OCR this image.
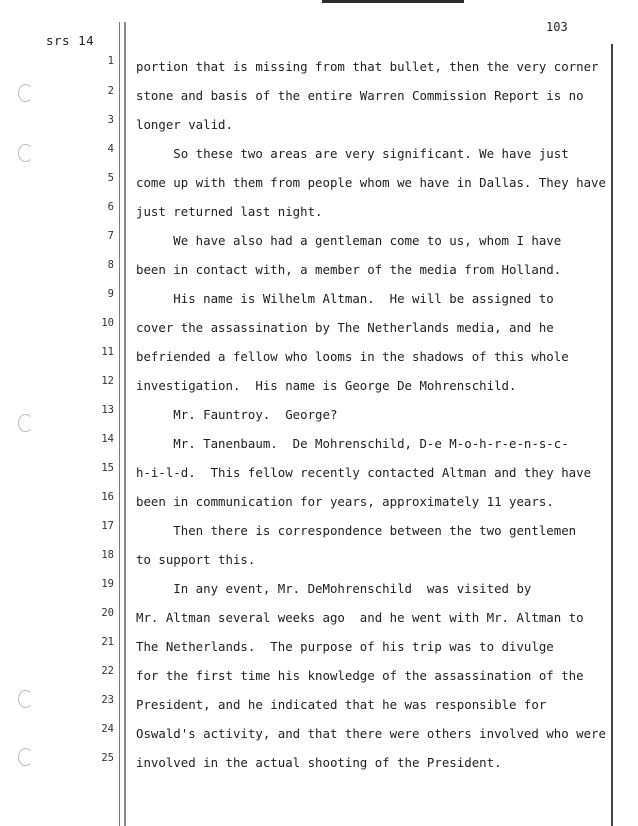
srs 14
103
1 portion that is missing from that bullet, then the very corner
2 stone and basis of the entire Warren Commission Report is no
3 longer valid.
4 So these two areas are very significant. We have just
5 come up with them from people whom we have in Dallas. They have
6 just returned last night.
7 We have also had a gentleman come to us, whom I have
8 been in contact with, a member of the media from Holland.
9 His name is Wilhelm Altman.  He will be assigned to
10 cover the assassination by The Netherlands media, and he
11 befriended a fellow who looms in the shadows of this whole
12 investigation.  His name is George De Mohrenschild.
13 Mr. Fauntroy.  George?
14 Mr. Tanenbaum.  De Mohrenschild, D-e M-o-h-r-e-n-s-c-
15 h-i-l-d.  This fellow recently contacted Altman and they have
16 been in communication for years, approximately 11 years.
17 Then there is correspondence between the two gentlemen
18 to support this.
19 In any event, Mr. DeMohrenschild  was visited by
20 Mr. Altman several weeks ago  and he went with Mr. Altman to
21 The Netherlands.  The purpose of his trip was to divulge
22 for the first time his knowledge of the assassination of the
23 President, and he indicated that he was responsible for
24 Oswald's activity, and that there were others involved who were
25 involved in the actual shooting of the President.
